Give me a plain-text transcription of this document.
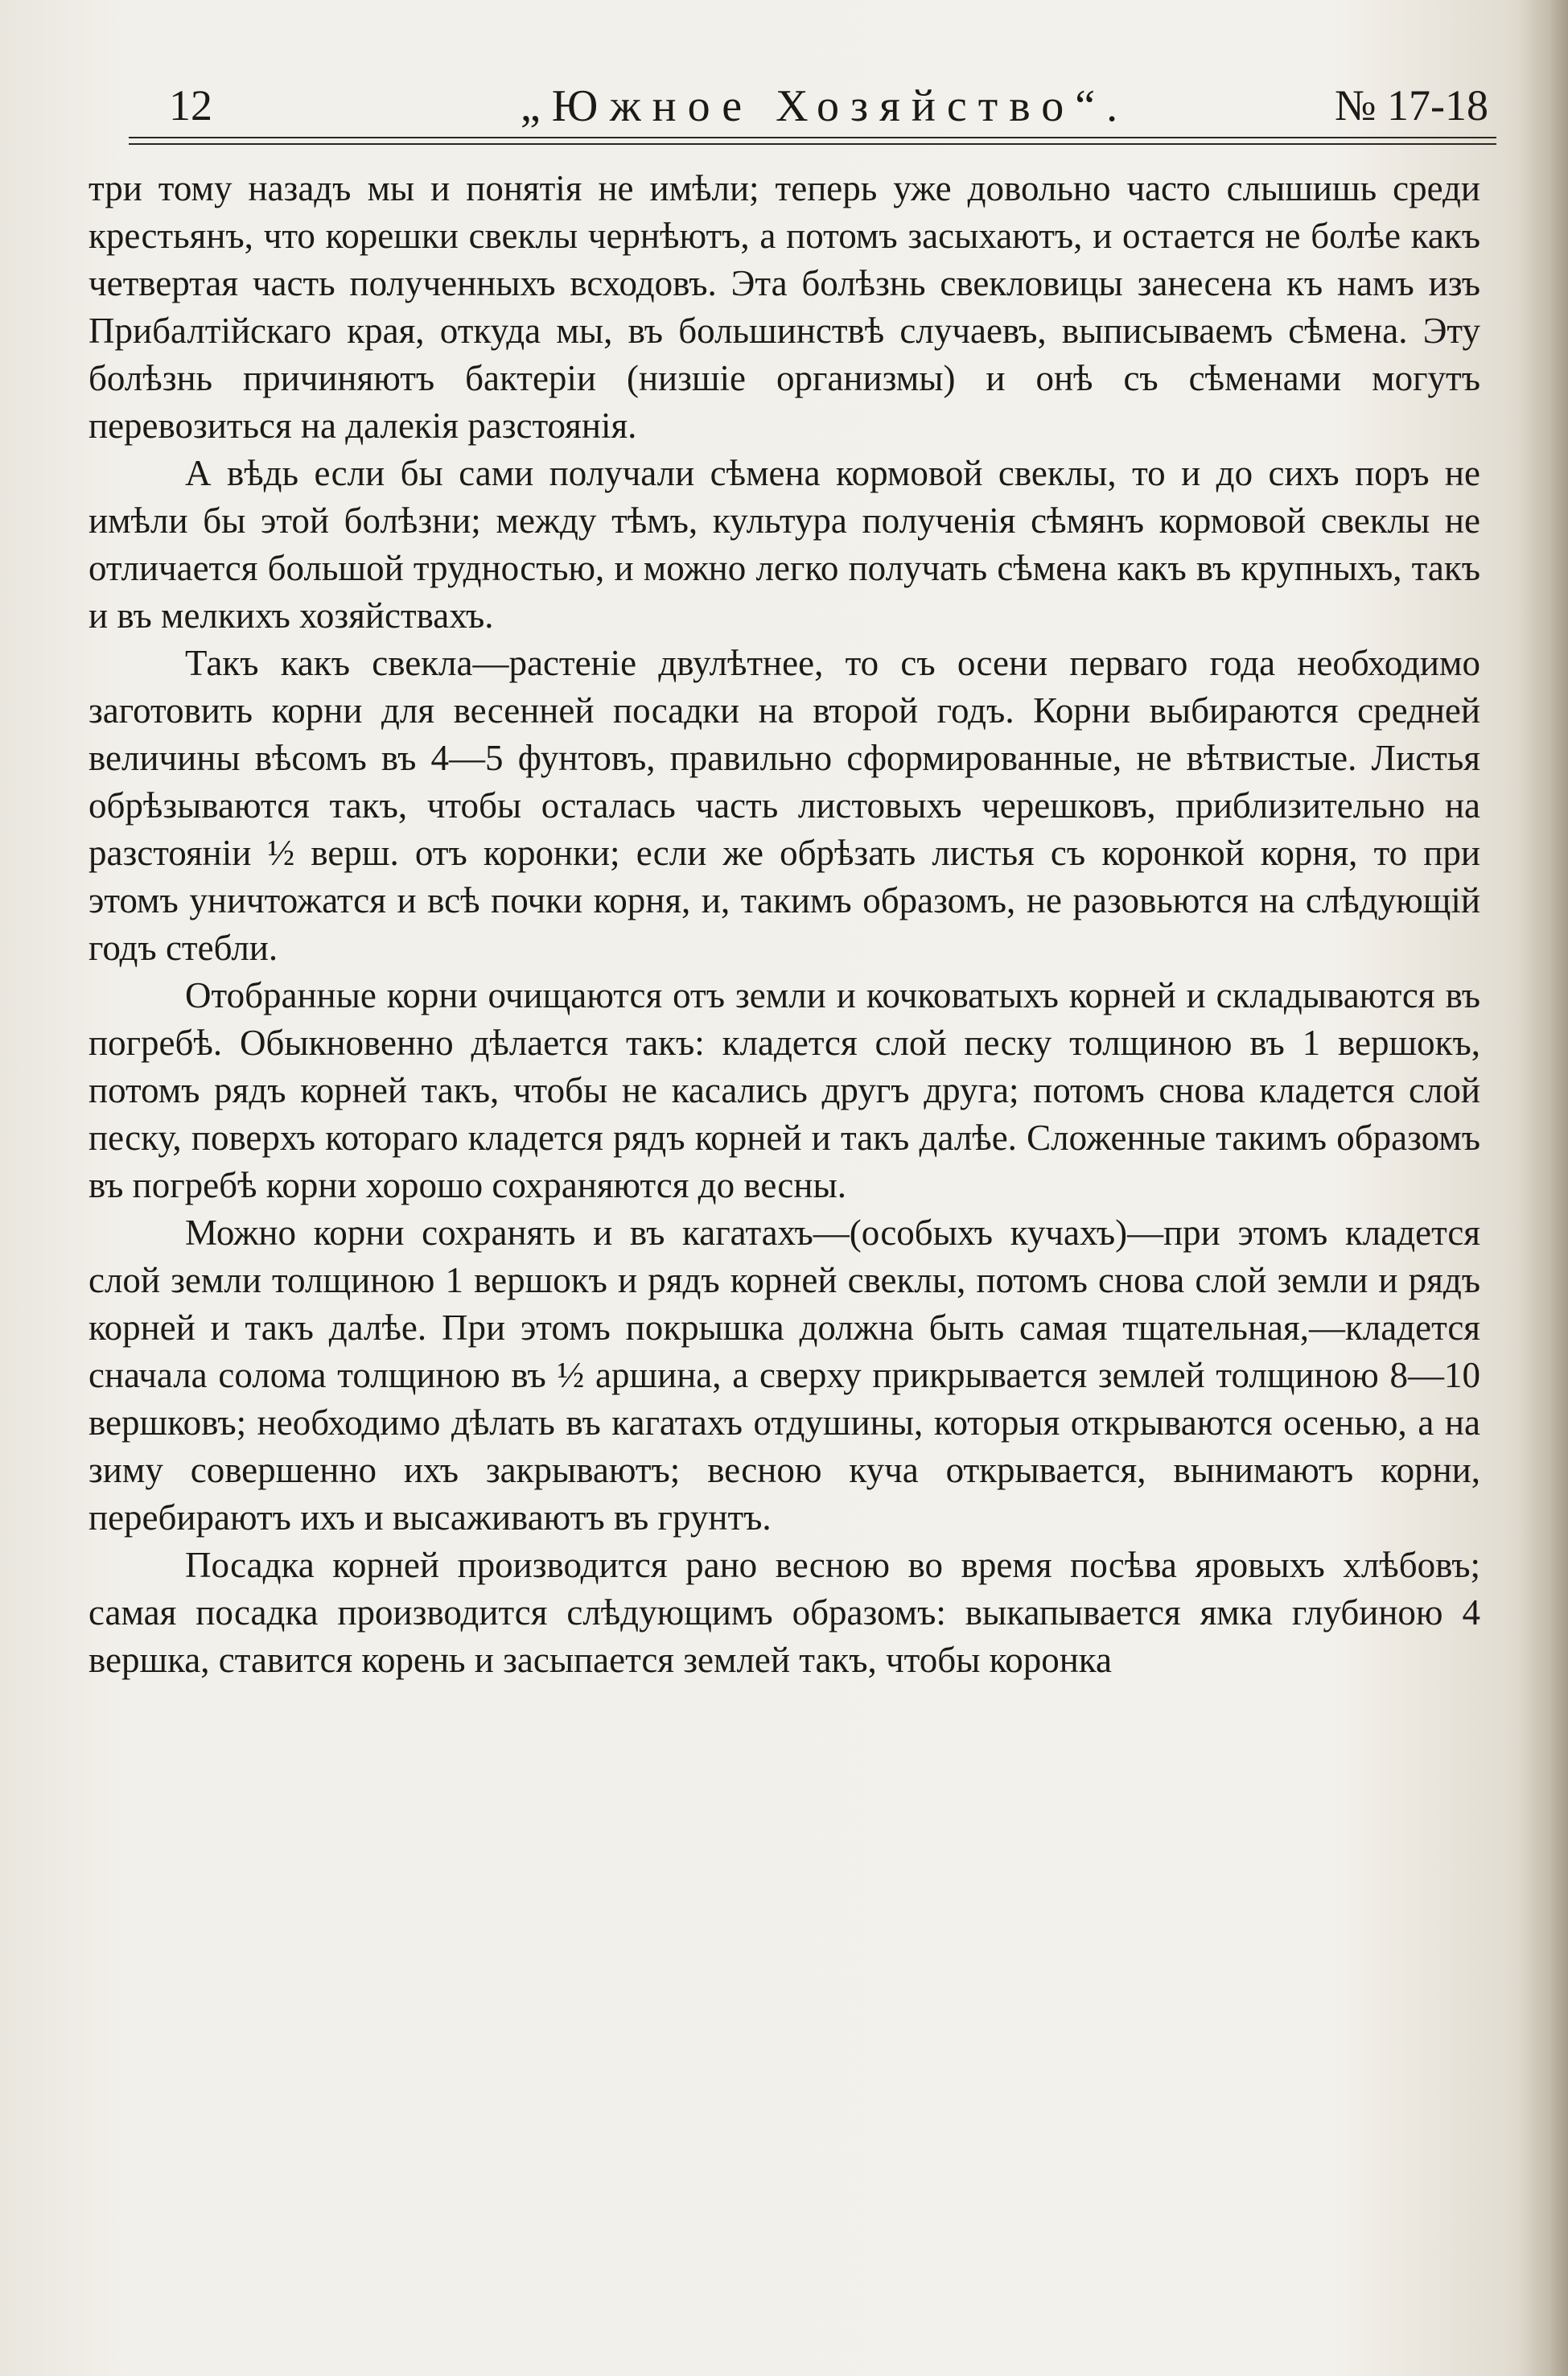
12	„Южное Хозяйство“.	№ 17-18

три тому назадъ мы и понятія не имѣли; теперь уже довольно часто слышишь среди крестьянъ, что корешки свеклы чернѣютъ, а потомъ засыхаютъ, и остается не болѣе какъ четвертая часть полученныхъ всходовъ. Эта болѣзнь свекловицы занесена къ намъ изъ Прибалтійскаго края, откуда мы, въ большинствѣ случаевъ, выписываемъ сѣмена. Эту болѣзнь причиняютъ бактеріи (низшіе организмы) и онѣ съ сѣменами могутъ перевозиться на далекія разстоянія.

А вѣдь если бы сами получали сѣмена кормовой свеклы, то и до сихъ поръ не имѣли бы этой болѣзни; между тѣмъ, культура полученія сѣмянъ кормовой свеклы не отличается большой трудностью, и можно легко получать сѣмена какъ въ крупныхъ, такъ и въ мелкихъ хозяйствахъ.

Такъ какъ свекла—растеніе двулѣтнее, то съ осени перваго года необходимо заготовить корни для весенней посадки на второй годъ. Корни выбираются средней величины вѣсомъ въ 4—5 фунтовъ, правильно сформированные, не вѣтвистые. Листья обрѣзываются такъ, чтобы осталась часть листовыхъ черешковъ, приблизительно на разстояніи ½ верш. отъ коронки; если же обрѣзать листья съ коронкой корня, то при этомъ уничтожатся и всѣ почки корня, и, такимъ образомъ, не разовьются на слѣдующій годъ стебли.

Отобранные корни очищаются отъ земли и кочковатыхъ корней и складываются въ погребѣ. Обыкновенно дѣлается такъ: кладется слой песку толщиною въ 1 вершокъ, потомъ рядъ корней такъ, чтобы не касались другъ друга; потомъ снова кладется слой песку, поверхъ котораго кладется рядъ корней и такъ далѣе. Сложенные такимъ образомъ въ погребѣ корни хорошо сохраняются до весны.

Можно корни сохранять и въ кагатахъ—(особыхъ кучахъ)—при этомъ кладется слой земли толщиною 1 вершокъ и рядъ корней свеклы, потомъ снова слой земли и рядъ корней и такъ далѣе. При этомъ покрышка должна быть самая тщательная,—кладется сначала солома толщиною въ ½ аршина, а сверху прикрывается землей толщиною 8—10 вершковъ; необходимо дѣлать въ кагатахъ отдушины, которыя открываются осенью, а на зиму совершенно ихъ закрываютъ; весною куча открывается, вынимаютъ корни, перебираютъ ихъ и высаживаютъ въ грунтъ.

Посадка корней производится рано весною во время посѣва яровыхъ хлѣбовъ; самая посадка производится слѣдующимъ образомъ: выкапывается ямка глубиною 4 вершка, ставится корень и засыпается землей такъ, чтобы коронка
